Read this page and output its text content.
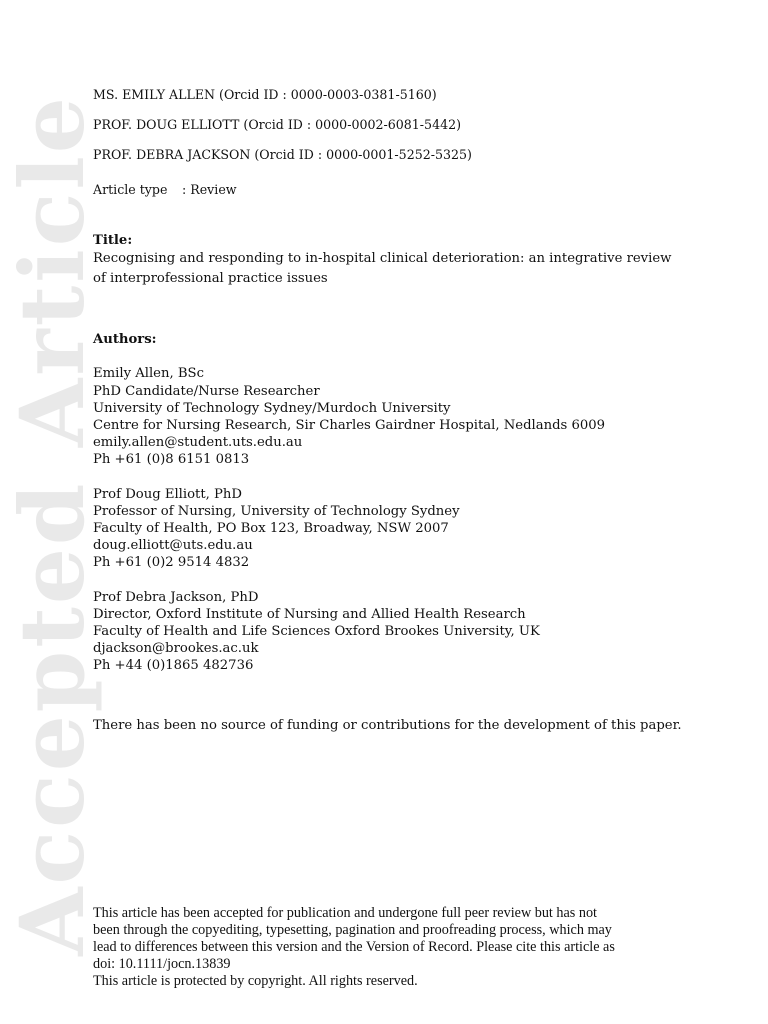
Accepted Article
MS. EMILY ALLEN (Orcid ID : 0000-0003-0381-5160)
PROF. DOUG ELLIOTT (Orcid ID : 0000-0002-6081-5442)
PROF. DEBRA JACKSON (Orcid ID : 0000-0001-5252-5325)
Article type : Review
Title:
Recognising and responding to in-hospital clinical deterioration: an integrative review
of interprofessional practice issues
Authors:
Emily Allen, BSc
PhD Candidate/Nurse Researcher
University of Technology Sydney/Murdoch University
Centre for Nursing Research, Sir Charles Gairdner Hospital, Nedlands 6009
emily.allen@student.uts.edu.au
Ph +61 (0)8 6151 0813
Prof Doug Elliott, PhD
Professor of Nursing, University of Technology Sydney
Faculty of Health, PO Box 123, Broadway, NSW 2007
doug.elliott@uts.edu.au
Ph +61 (0)2 9514 4832
Prof Debra Jackson, PhD
Director, Oxford Institute of Nursing and Allied Health Research
Faculty of Health and Life Sciences Oxford Brookes University, UK
djackson@brookes.ac.uk
Ph +44 (0)1865 482736
There has been no source of funding or contributions for the development of this paper.
This article has been accepted for publication and undergone full peer review but has not
been through the copyediting, typesetting, pagination and proofreading process, which may
lead to differences between this version and the Version of Record. Please cite this article as
doi: 10.1111/jocn.13839
This article is protected by copyright. All rights reserved.
